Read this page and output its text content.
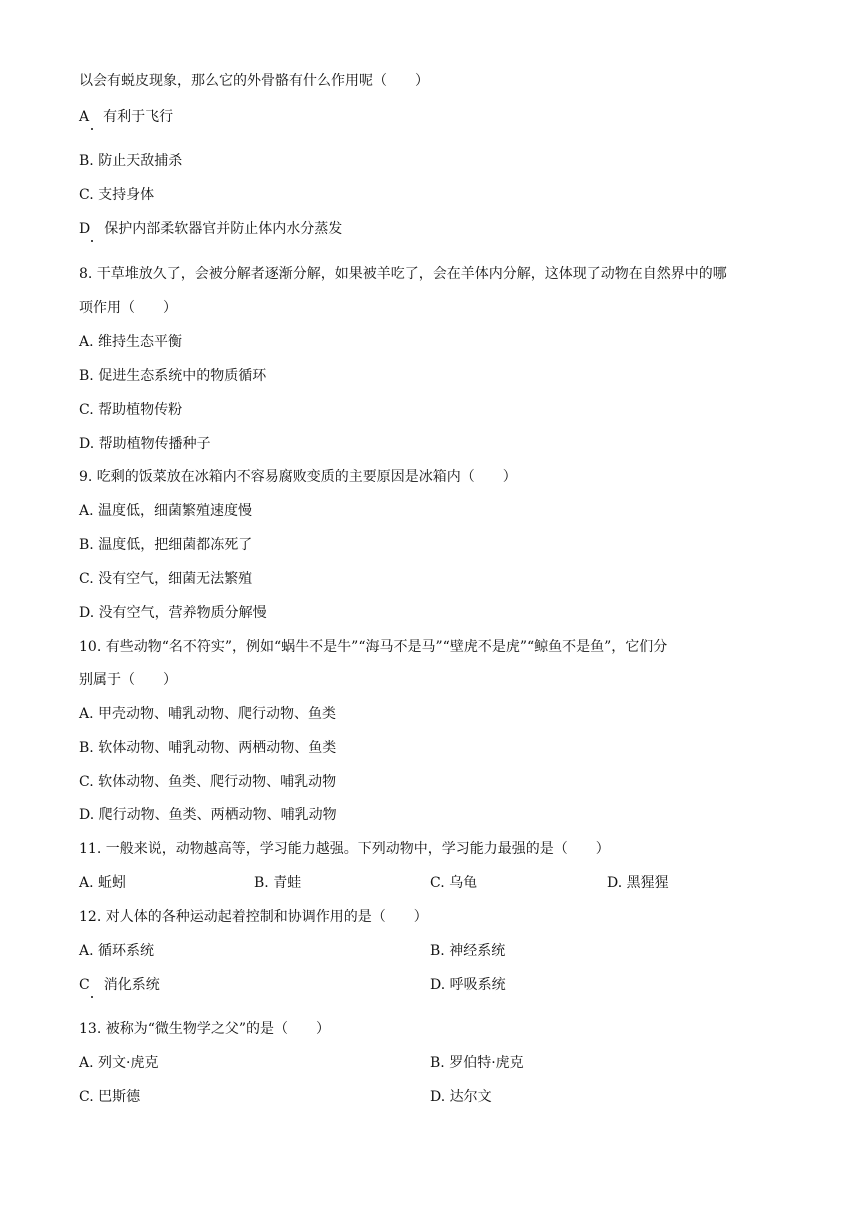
以会有蜕皮现象，那么它的外骨骼有什么作用呢（　　）
A　有利于飞行
B. 防止天敌捕杀
C. 支持身体
D　保护内部柔软器官并防止体内水分蒸发
8. 干草堆放久了，会被分解者逐渐分解，如果被羊吃了，会在羊体内分解，这体现了动物在自然界中的哪
项作用（　　）
A. 维持生态平衡
B. 促进生态系统中的物质循环
C. 帮助植物传粉
D. 帮助植物传播种子
9. 吃剩的饭菜放在冰箱内不容易腐败变质的主要原因是冰箱内（　　）
A. 温度低，细菌繁殖速度慢
B. 温度低，把细菌都冻死了
C. 没有空气，细菌无法繁殖
D. 没有空气，营养物质分解慢
10. 有些动物“名不符实”，例如“蜗牛不是牛”“海马不是马”“壁虎不是虎”“鲸鱼不是鱼”，它们分
别属于（　　）
A. 甲壳动物、哺乳动物、爬行动物、鱼类
B. 软体动物、哺乳动物、两栖动物、鱼类
C. 软体动物、鱼类、爬行动物、哺乳动物
D. 爬行动物、鱼类、两栖动物、哺乳动物
11. 一般来说，动物越高等，学习能力越强。下列动物中，学习能力最强的是（　　）
A. 蚯蚓	B. 青蛙	C. 乌龟	D. 黑猩猩
12. 对人体的各种运动起着控制和协调作用的是（　　）
A. 循环系统	B. 神经系统
C　消化系统	D. 呼吸系统
13. 被称为“微生物学之父”的是（　　）
A. 列文·虎克	B. 罗伯特·虎克
C. 巴斯德	D. 达尔文
